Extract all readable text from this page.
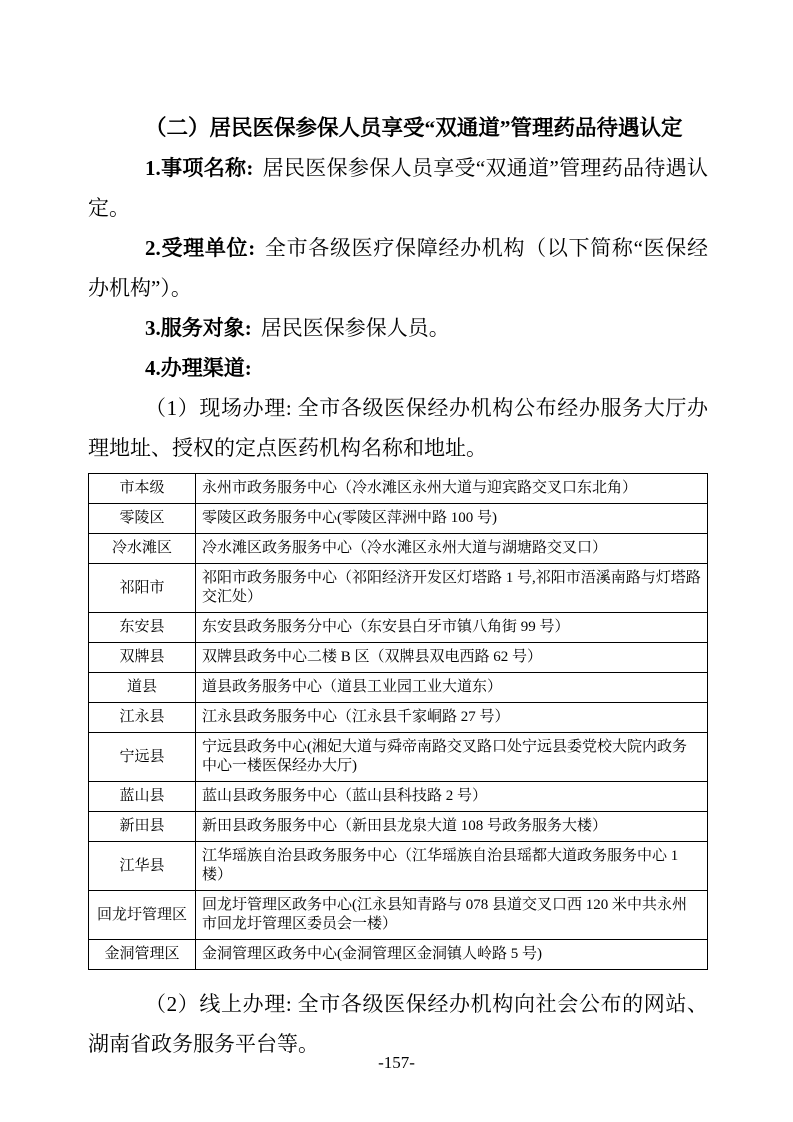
（二）居民医保参保人员享受“双通道”管理药品待遇认定
1.事项名称: 居民医保参保人员享受“双通道”管理药品待遇认定。
2.受理单位: 全市各级医疗保障经办机构（以下简称“医保经办机构”）。
3.服务对象: 居民医保参保人员。
4.办理渠道:
（1）现场办理: 全市各级医保经办机构公布经办服务大厅办理地址、授权的定点医药机构名称和地址。
市本级	永州市政务服务中心（冷水滩区永州大道与迎宾路交叉口东北角）
零陵区	零陵区政务服务中心(零陵区萍洲中路 100 号)
冷水滩区	冷水滩区政务服务中心（冷水滩区永州大道与湖塘路交叉口）
祁阳市	祁阳市政务服务中心（祁阳经济开发区灯塔路 1 号,祁阳市浯溪南路与灯塔路交汇处）
东安县	东安县政务服务分中心（东安县白牙市镇八角街 99 号）
双牌县	双牌县政务中心二楼 B 区（双牌县双电西路 62 号）
道县	道县政务服务中心（道县工业园工业大道东）
江永县	江永县政务服务中心（江永县千家峒路 27 号）
宁远县	宁远县政务中心(湘妃大道与舜帝南路交叉路口处宁远县委党校大院内政务中心一楼医保经办大厅)
蓝山县	蓝山县政务服务中心（蓝山县科技路 2 号）
新田县	新田县政务服务中心（新田县龙泉大道 108 号政务服务大楼）
江华县	江华瑶族自治县政务服务中心（江华瑶族自治县瑶都大道政务服务中心 1 楼）
回龙圩管理区	回龙圩管理区政务中心(江永县知青路与 078 县道交叉口西 120 米中共永州市回龙圩管理区委员会一楼）
金洞管理区	金洞管理区政务中心(金洞管理区金洞镇人岭路 5 号)
（2）线上办理: 全市各级医保经办机构向社会公布的网站、湖南省政务服务平台等。
-157-
